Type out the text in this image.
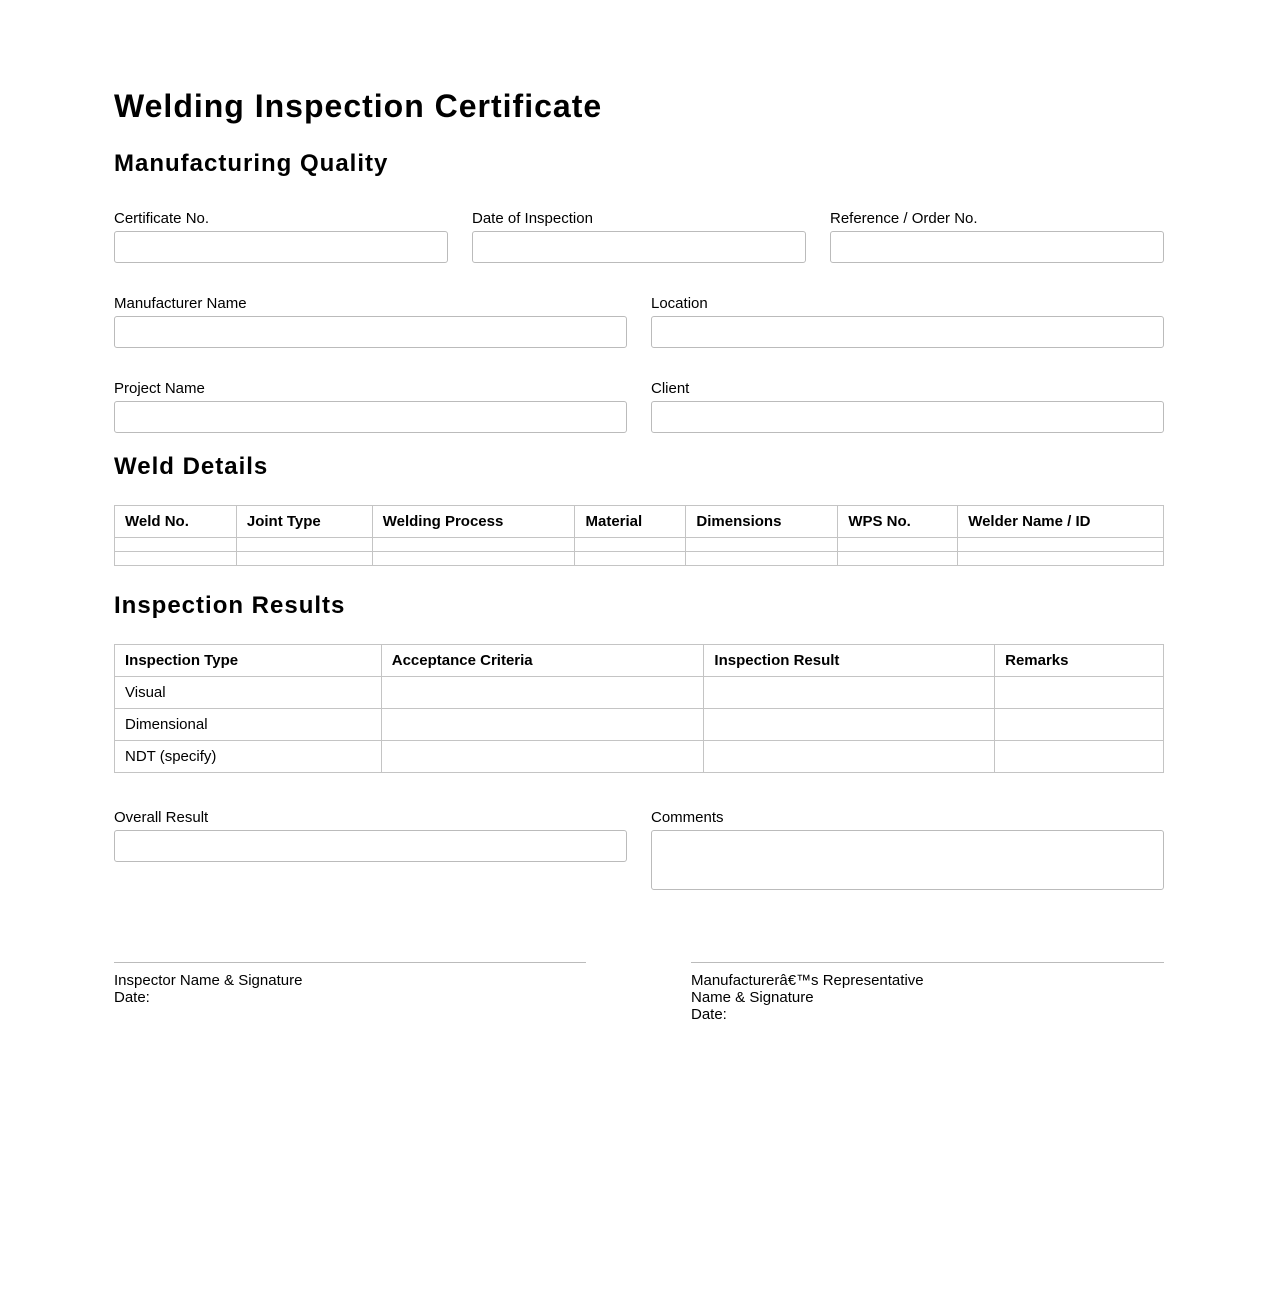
Welding Inspection Certificate
Manufacturing Quality
Certificate No.	Date of Inspection	Reference / Order No.
Manufacturer Name	Location
Project Name	Client
Weld Details
Weld No.	Joint Type	Welding Process	Material	Dimensions	WPS No.	Welder Name / ID

Inspection Results
Inspection Type	Acceptance Criteria	Inspection Result	Remarks
Visual			
Dimensional			
NDT (specify)			
Overall Result	Comments
Inspector Name & Signature
Date:
Manufacturerâ€™s Representative
Name & Signature
Date:
